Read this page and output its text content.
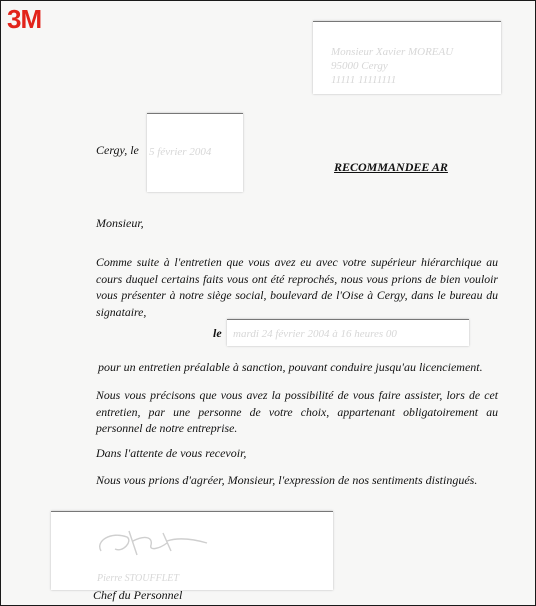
3M
Monsieur Xavier MOREAU
95000 Cergy
11111 11111111
5 février 2004
Cergy, le
RECOMMANDEE AR
Monsieur,
Comme suite à l'entretien que vous avez eu avec votre supérieur hiérarchique au cours duquel certains faits vous ont été reprochés, nous vous prions de bien vouloir vous présenter à notre siège social, boulevard de l'Oise à Cergy, dans le bureau du signataire,
mardi 24 février 2004 à 16 heures 00
le
pour un entretien préalable à sanction, pouvant conduire jusqu'au licenciement.
Nous vous précisons que vous avez la possibilité de vous faire assister, lors de cet entretien, par une personne de votre choix, appartenant obligatoirement au personnel de notre entreprise.
Dans l'attente de vous recevoir,
Nous vous prions d'agréer, Monsieur, l'expression de nos sentiments distingués.
Pierre STOUFFLET
Chef du Personnel
